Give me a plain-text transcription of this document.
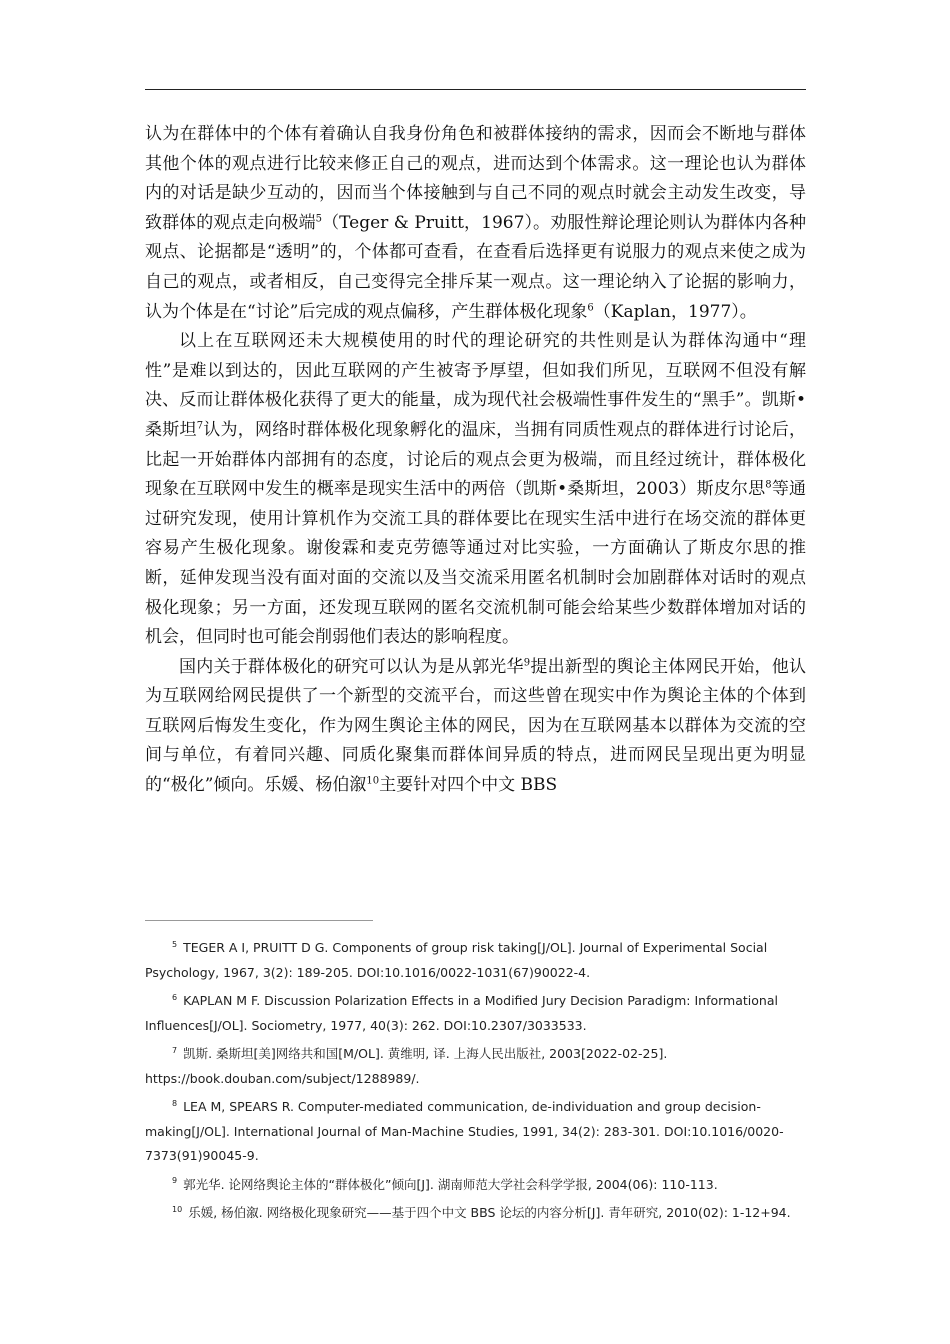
认为在群体中的个体有着确认自我身份角色和被群体接纳的需求，因而会不断地与群体其他个体的观点进行比较来修正自己的观点，进而达到个体需求。这一理论也认为群体内的对话是缺少互动的，因而当个体接触到与自己不同的观点时就会主动发生改变，导致群体的观点走向极端$^5$（Teger & Pruitt，1967）。劝服性辩论理论则认为群体内各种观点、论据都是“透明”的，个体都可查看，在查看后选择更有说服力的观点来使之成为自己的观点，或者相反，自己变得完全排斥某一观点。这一理论纳入了论据的影响力，认为个体是在“讨论”后完成的观点偏移，产生群体极化现象$^6$（Kaplan，1977）。

以上在互联网还未大规模使用的时代的理论研究的共性则是认为群体沟通中“理性”是难以到达的，因此互联网的产生被寄予厚望，但如我们所见，互联网不但没有解决、反而让群体极化获得了更大的能量，成为现代社会极端性事件发生的“黑手”。凯斯•桑斯坦$^7$认为，网络时群体极化现象孵化的温床，当拥有同质性观点的群体进行讨论后，比起一开始群体内部拥有的态度，讨论后的观点会更为极端，而且经过统计，群体极化现象在互联网中发生的概率是现实生活中的两倍（凯斯•桑斯坦，2003）斯皮尔思$^8$等通过研究发现，使用计算机作为交流工具的群体要比在现实生活中进行在场交流的群体更容易产生极化现象。谢俊霖和麦克劳德等通过对比实验，一方面确认了斯皮尔思的推断，延伸发现当没有面对面的交流以及当交流采用匿名机制时会加剧群体对话时的观点极化现象；另一方面，还发现互联网的匿名交流机制可能会给某些少数群体增加对话的机会，但同时也可能会削弱他们表达的影响程度。

国内关于群体极化的研究可以认为是从郭光华$^9$提出新型的舆论主体网民开始，他认为互联网给网民提供了一个新型的交流平台，而这些曾在现实中作为舆论主体的个体到互联网后悔发生变化，作为网生舆论主体的网民，因为在互联网基本以群体为交流的空间与单位，有着同兴趣、同质化聚集而群体间异质的特点，进而网民呈现出更为明显的“极化”倾向。乐媛、杨伯溆$^{10}$主要针对四个中文 BBS

$^5$ TEGER A I, PRUITT D G. Components of group risk taking[J/OL]. Journal of Experimental Social Psychology, 1967, 3(2): 189-205. DOI:10.1016/0022-1031(67)90022-4.

$^6$ KAPLAN M F. Discussion Polarization Effects in a Modified Jury Decision Paradigm: Informational Influences[J/OL]. Sociometry, 1977, 40(3): 262. DOI:10.2307/3033533.

$^7$ 凯斯. 桑斯坦[美]网络共和国[M/OL]. 黄维明, 译. 上海人民出版社, 2003[2022-02-25]. https://book.douban.com/subject/1288989/.

$^8$ LEA M, SPEARS R. Computer-mediated communication, de-individuation and group decision-making[J/OL]. International Journal of Man-Machine Studies, 1991, 34(2): 283-301. DOI:10.1016/0020-7373(91)90045-9.

$^9$ 郭光华. 论网络舆论主体的“群体极化”倾向[J]. 湖南师范大学社会科学学报, 2004(06): 110-113.

$^{10}$ 乐媛, 杨伯溆. 网络极化现象研究——基于四个中文 BBS 论坛的内容分析[J]. 青年研究, 2010(02): 1-12+94.
